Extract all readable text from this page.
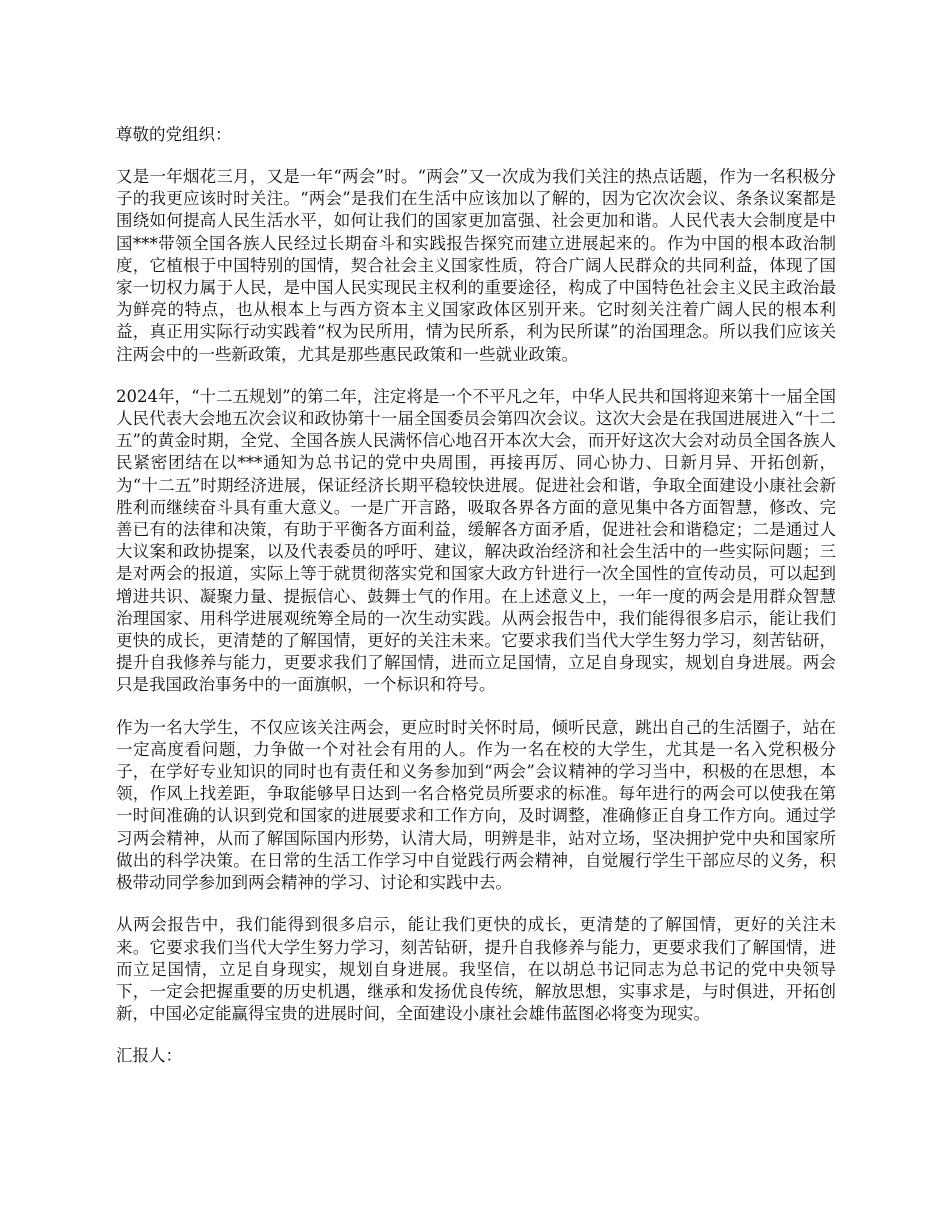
尊敬的党组织：

又是一年烟花三月，又是一年“两会”时。“两会”又一次成为我们关注的热点话题，作为一名积极分子的我更应该时时关注。“两会”是我们在生活中应该加以了解的，因为它次次会议、条条议案都是围绕如何提高人民生活水平，如何让我们的国家更加富强、社会更加和谐。人民代表大会制度是中国***带领全国各族人民经过长期奋斗和实践报告探究而建立进展起来的。作为中国的根本政治制度，它植根于中国特别的国情，契合社会主义国家性质，符合广阔人民群众的共同利益，体现了国家一切权力属于人民，是中国人民实现民主权利的重要途径，构成了中国特色社会主义民主政治最为鲜亮的特点，也从根本上与西方资本主义国家政体区别开来。它时刻关注着广阔人民的根本利益，真正用实际行动实践着“权为民所用，情为民所系，利为民所谋”的治国理念。所以我们应该关注两会中的一些新政策，尤其是那些惠民政策和一些就业政策。

2024年，“十二五规划”的第二年，注定将是一个不平凡之年，中华人民共和国将迎来第十一届全国人民代表大会地五次会议和政协第十一届全国委员会第四次会议。这次大会是在我国进展进入“十二五”的黄金时期，全党、全国各族人民满怀信心地召开本次大会，而开好这次大会对动员全国各族人民紧密团结在以***通知为总书记的党中央周围，再接再厉、同心协力、日新月异、开拓创新，为“十二五”时期经济进展，保证经济长期平稳较快进展。促进社会和谐，争取全面建设小康社会新胜利而继续奋斗具有重大意义。一是广开言路，吸取各界各方面的意见集中各方面智慧，修改、完善已有的法律和决策，有助于平衡各方面利益，缓解各方面矛盾，促进社会和谐稳定；二是通过人大议案和政协提案，以及代表委员的呼吁、建议，解决政治经济和社会生活中的一些实际问题；三是对两会的报道，实际上等于就贯彻落实党和国家大政方针进行一次全国性的宣传动员，可以起到增进共识、凝聚力量、提振信心、鼓舞士气的作用。在上述意义上，一年一度的两会是用群众智慧治理国家、用科学进展观统筹全局的一次生动实践。从两会报告中，我们能得很多启示，能让我们更快的成长，更清楚的了解国情，更好的关注未来。它要求我们当代大学生努力学习，刻苦钻研，提升自我修养与能力，更要求我们了解国情，进而立足国情，立足自身现实，规划自身进展。两会只是我国政治事务中的一面旗帜，一个标识和符号。

作为一名大学生，不仅应该关注两会，更应时时关怀时局，倾听民意，跳出自己的生活圈子，站在一定高度看问题，力争做一个对社会有用的人。作为一名在校的大学生，尤其是一名入党积极分子，在学好专业知识的同时也有责任和义务参加到“两会”会议精神的学习当中，积极的在思想，本领，作风上找差距，争取能够早日达到一名合格党员所要求的标准。每年进行的两会可以使我在第一时间准确的认识到党和国家的进展要求和工作方向，及时调整，准确修正自身工作方向。通过学习两会精神，从而了解国际国内形势，认清大局，明辨是非，站对立场，坚决拥护党中央和国家所做出的科学决策。在日常的生活工作学习中自觉践行两会精神，自觉履行学生干部应尽的义务，积极带动同学参加到两会精神的学习、讨论和实践中去。

从两会报告中，我们能得到很多启示，能让我们更快的成长，更清楚的了解国情，更好的关注未来。它要求我们当代大学生努力学习，刻苦钻研，提升自我修养与能力，更要求我们了解国情，进而立足国情，立足自身现实，规划自身进展。我坚信，在以胡总书记同志为总书记的党中央领导下，一定会把握重要的历史机遇，继承和发扬优良传统，解放思想，实事求是，与时俱进，开拓创新，中国必定能赢得宝贵的进展时间，全面建设小康社会雄伟蓝图必将变为现实。

汇报人：
